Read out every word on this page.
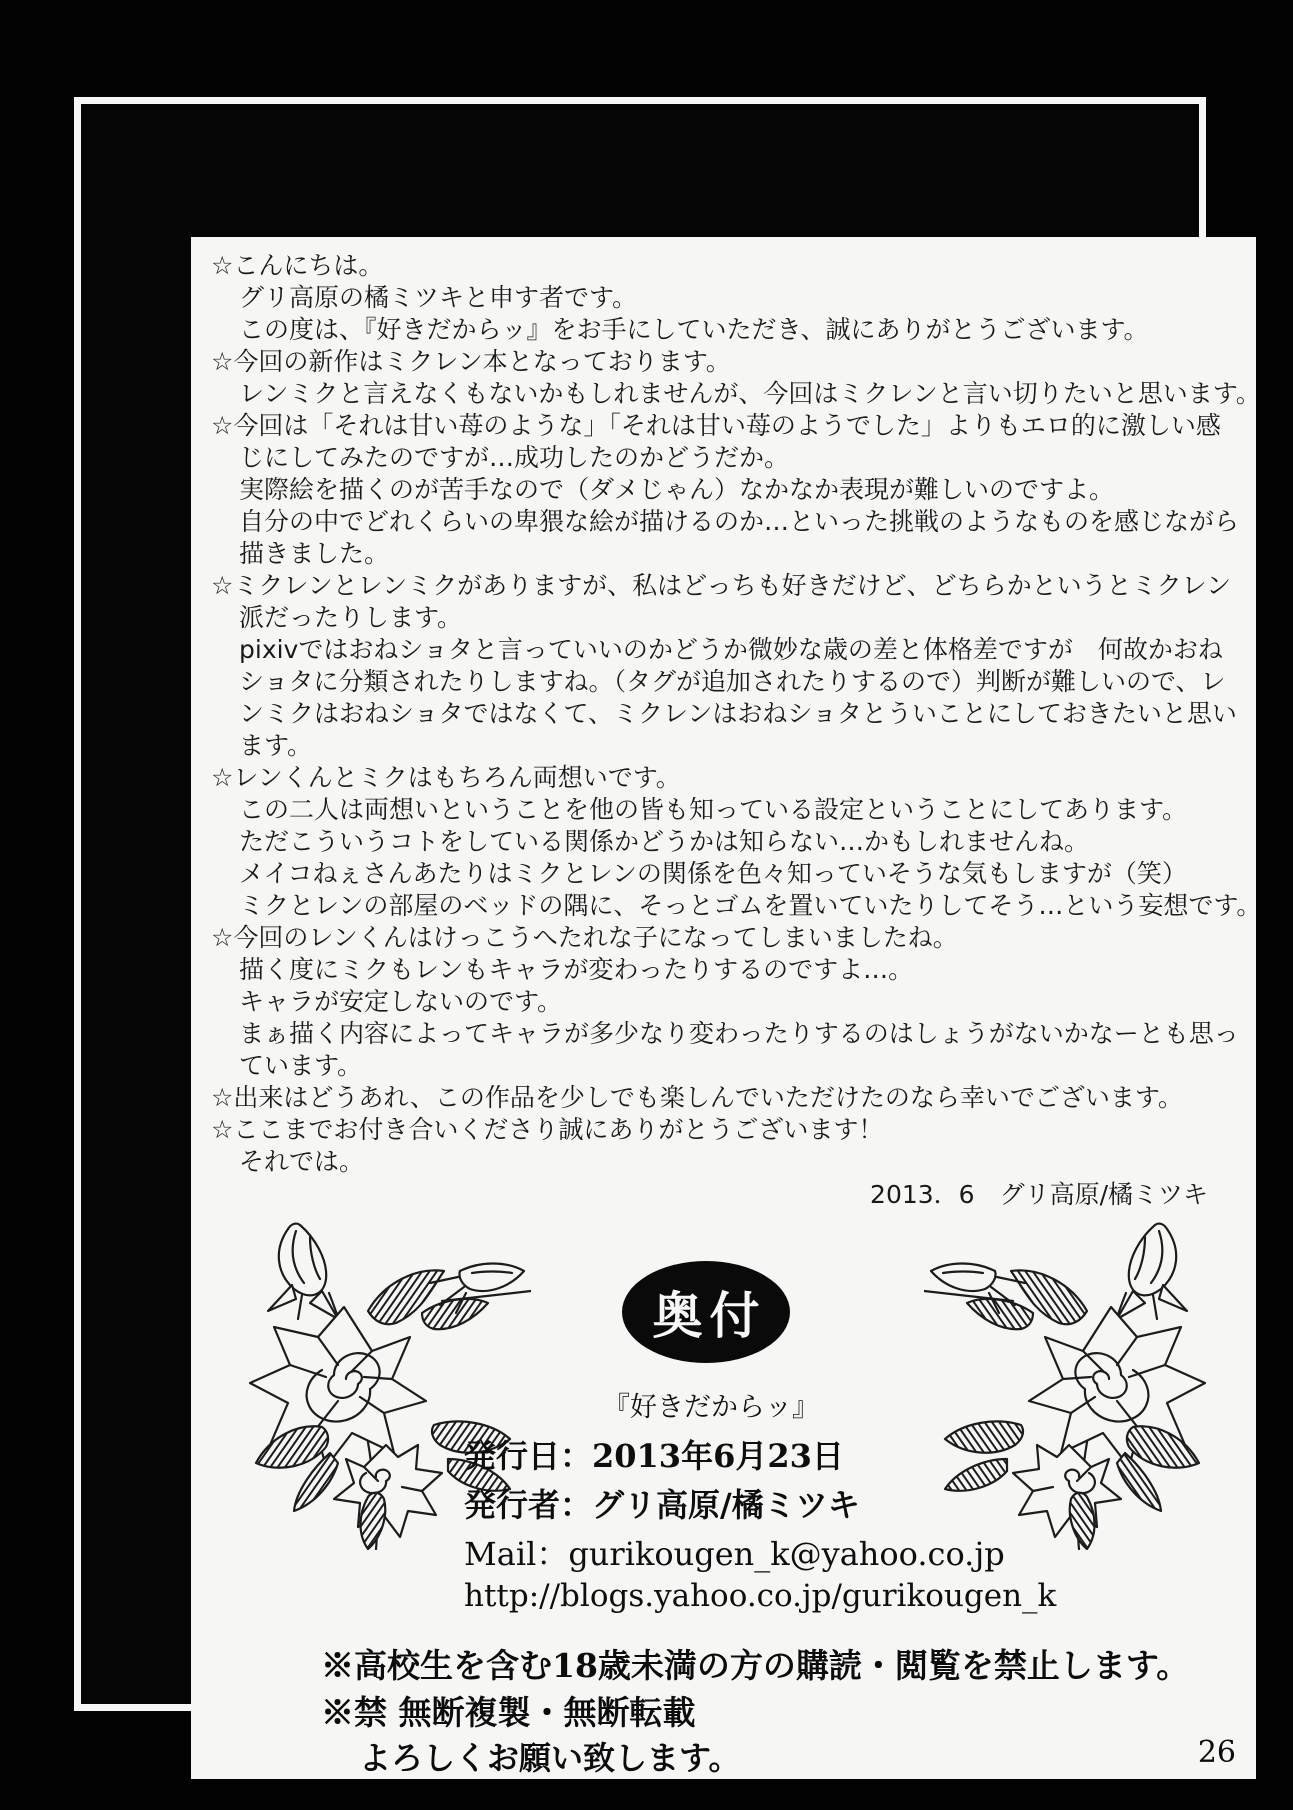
☆こんにちは。
グリ高原の橘ミツキと申す者です。
この度は、『好きだからッ』をお手にしていただき、誠にありがとうございます。
☆今回の新作はミクレン本となっております。
レンミクと言えなくもないかもしれませんが、今回はミクレンと言い切りたいと思います。
☆今回は「それは甘い苺のような」「それは甘い苺のようでした」よりもエロ的に激しい感
じにしてみたのですが…成功したのかどうだか。
実際絵を描くのが苦手なので（ダメじゃん）なかなか表現が難しいのですよ。
自分の中でどれくらいの卑猥な絵が描けるのか…といった挑戦のようなものを感じながら
描きました。
☆ミクレンとレンミクがありますが、私はどっちも好きだけど、どちらかというとミクレン
派だったりします。
pixivではおねショタと言っていいのかどうか微妙な歳の差と体格差ですが　何故かおね
ショタに分類されたりしますね。（タグが追加されたりするので）判断が難しいので、レ
ンミクはおねショタではなくて、ミクレンはおねショタとういことにしておきたいと思い
ます。
☆レンくんとミクはもちろん両想いです。
この二人は両想いということを他の皆も知っている設定ということにしてあります。
ただこういうコトをしている関係かどうかは知らない…かもしれませんね。
メイコねぇさんあたりはミクとレンの関係を色々知っていそうな気もしますが（笑）
ミクとレンの部屋のベッドの隅に、そっとゴムを置いていたりしてそう…という妄想です。
☆今回のレンくんはけっこうへたれな子になってしまいましたね。
描く度にミクもレンもキャラが変わったりするのですよ…。
キャラが安定しないのです。
まぁ描く内容によってキャラが多少なり変わったりするのはしょうがないかなーとも思っ
ています。
☆出来はどうあれ、この作品を少しでも楽しんでいただけたのなら幸いでございます。
☆ここまでお付き合いくださり誠にありがとうございます！
それでは。
2013．6　グリ高原/橘ミツキ
奥付
『好きだからッ』
発行日：2013年6月23日
発行者：グリ高原/橘ミツキ
Mail：gurikougen_k@yahoo.co.jp
http://blogs.yahoo.co.jp/gurikougen_k
※高校生を含む18歳未満の方の購読・閲覧を禁止します。
※禁 無断複製・無断転載
よろしくお願い致します。	26
